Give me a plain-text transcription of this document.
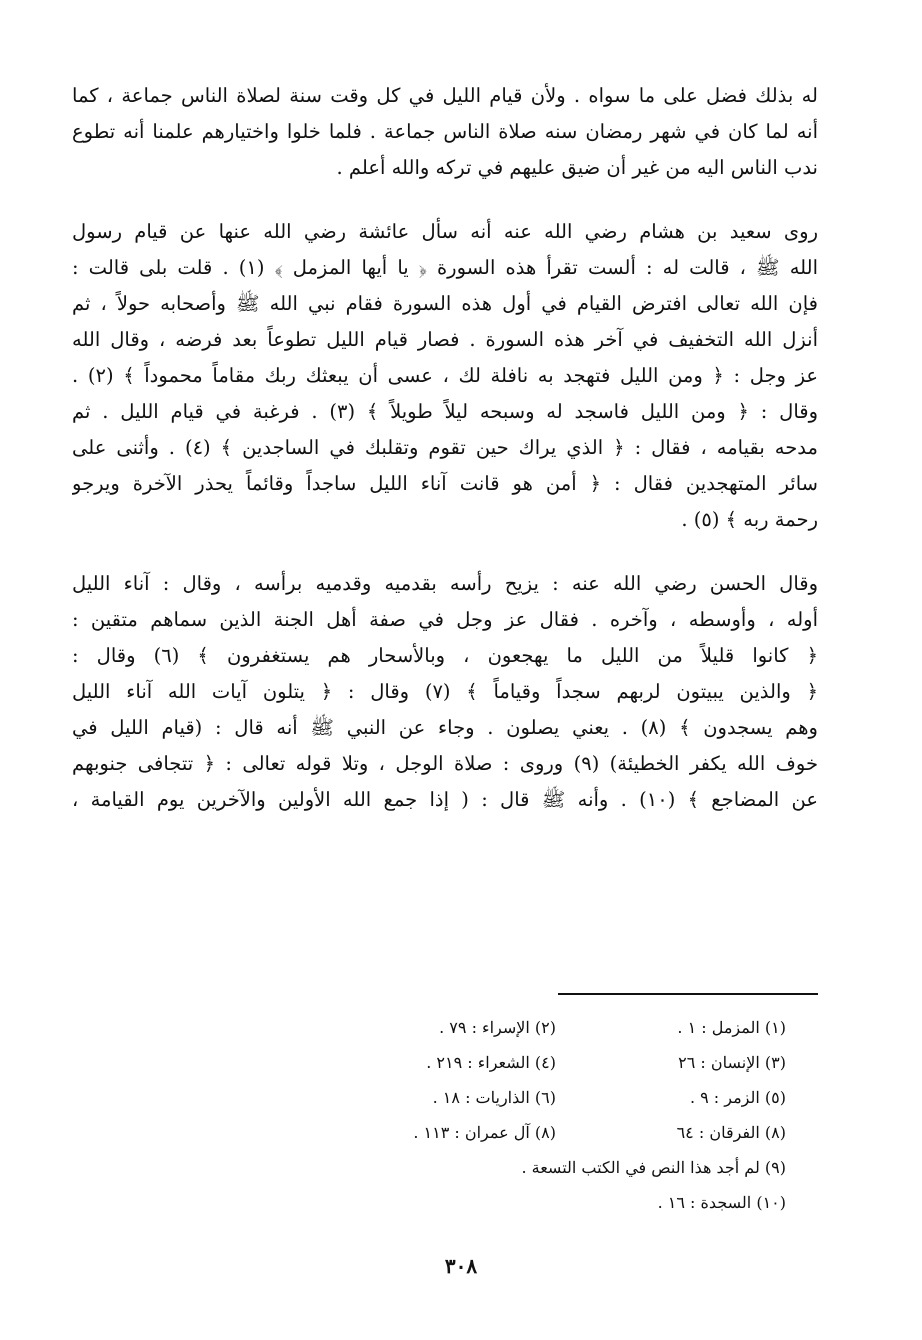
له بذلك فضل على ما سواه . ولأن قيام الليل في كل وقت سنة لصلاة الناس جماعة ، كما
أنه لما كان في شهر رمضان سنه صلاة الناس جماعة . فلما خلوا واختيارهم علمنا أنه تطوع
ندب الناس اليه من غير أن ضيق عليهم في تركه والله أعلم .
روى سعيد بن هشام رضي الله عنه أنه سأل عائشة رضي الله عنها عن قيام رسول
الله ﷺ ، قالت له : ألست تقرأ هذه السورة ﴿ يا أيها المزمل ﴾ (١) . قلت بلى قالت :
فإن الله تعالى افترض القيام في أول هذه السورة فقام نبي الله ﷺ وأصحابه حولاً ، ثم
أنزل الله التخفيف في آخر هذه السورة . فصار قيام الليل تطوعاً بعد فرضه ، وقال الله
عز وجل : ﴿ ومن الليل فتهجد به نافلة لك ، عسى أن يبعثك ربك مقاماً محموداً ﴾ (٢) .
وقال : ﴿ ومن الليل فاسجد له وسبحه ليلاً طويلاً ﴾ (٣) . فرغبة في قيام الليل . ثم
مدحه بقيامه ، فقال : ﴿ الذي يراك حين تقوم وتقلبك في الساجدين ﴾ (٤) . وأثنى على
سائر المتهجدين فقال : ﴿ أمن هو قانت آناء الليل ساجداً وقائماً يحذر الآخرة ويرجو
رحمة ربه ﴾ (٥) .
وقال الحسن رضي الله عنه : يزيح رأسه بقدميه وقدميه برأسه ، وقال : آناء الليل
أوله ، وأوسطه ، وآخره . فقال عز وجل في صفة أهل الجنة الذين سماهم متقين :
﴿ كانوا قليلاً من الليل ما يهجعون ، وبالأسحار هم يستغفرون ﴾ (٦) وقال :
﴿ والذين يبيتون لربهم سجداً وقياماً ﴾ (٧) وقال : ﴿ يتلون آيات الله آناء الليل
وهم يسجدون ﴾ (٨) . يعني يصلون . وجاء عن النبي ﷺ أنه قال : (قيام الليل في
خوف الله يكفر الخطيئة) (٩) وروى : صلاة الوجل ، وتلا قوله تعالى : ﴿ تتجافى جنوبهم
عن المضاجع ﴾ (١٠) . وأنه ﷺ قال : ( إذا جمع الله الأولين والآخرين يوم القيامة ،
(١) المزمل : ١ .
(٢) الإسراء : ٧٩ .
(٣) الإنسان : ٢٦
(٤) الشعراء : ٢١٩ .
(٥) الزمر : ٩ .
(٦) الذاريات : ١٨ .
(٨) الفرقان : ٦٤
(٨) آل عمران : ١١٣ .
(٩) لم أجد هذا النص في الكتب التسعة .
(١٠) السجدة : ١٦ .
٣٠٨
